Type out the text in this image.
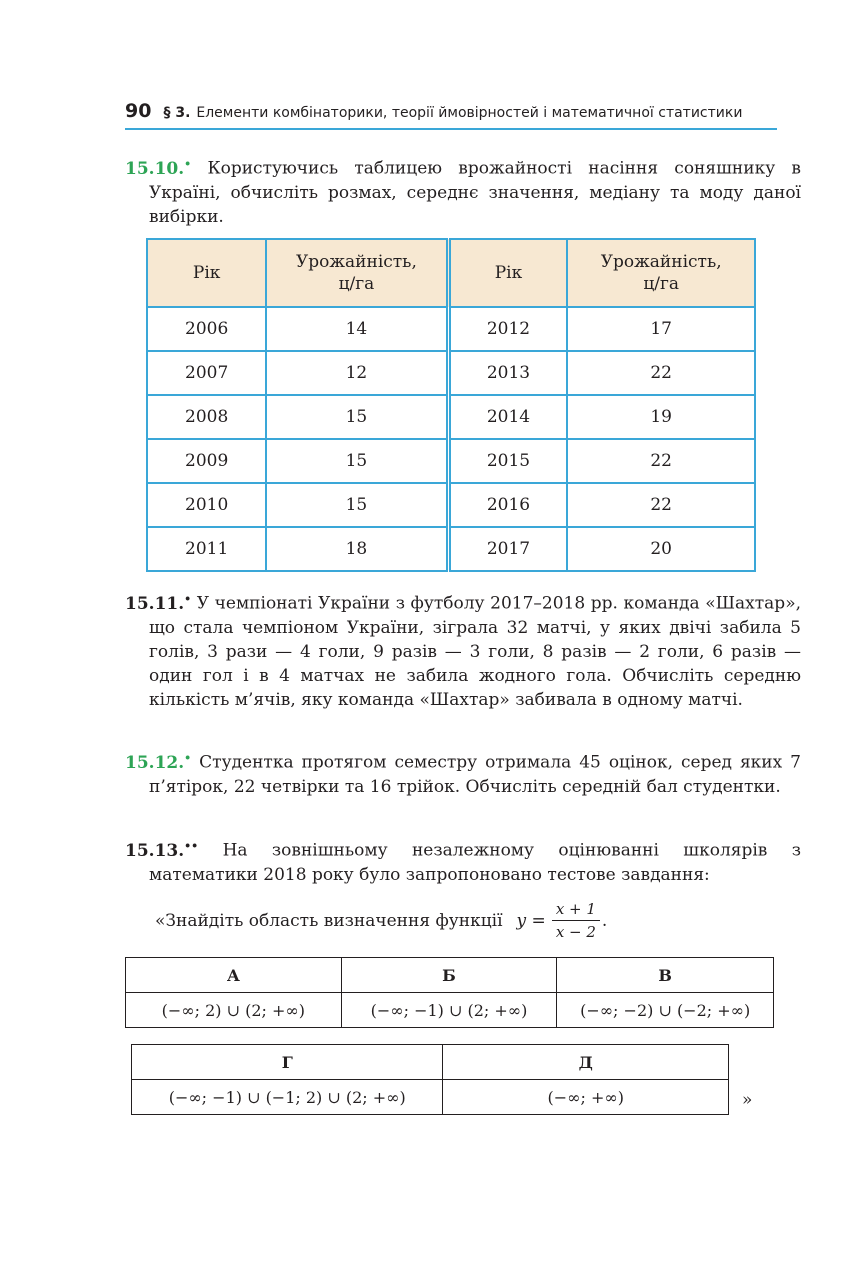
90 § 3. Елементи комбінаторики, теорії ймовірностей і математичної статистики
15.10.• Користуючись таблицею врожайності насіння соняшнику в Україні, обчисліть розмах, середнє значення, медіану та моду даної вибірки.
Рік	Урожайність, ц/га	Рік	Урожайність, ц/га
2006	14	2012	17
2007	12	2013	22
2008	15	2014	19
2009	15	2015	22
2010	15	2016	22
2011	18	2017	20
15.11.• У чемпіонаті України з футболу 2017–2018 рр. команда «Шахтар», що стала чемпіоном України, зіграла 32 матчі, у яких двічі забила 5 голів, 3 рази — 4 голи, 9 разів — 3 голи, 8 разів — 2 голи, 6 разів — один гол і в 4 матчах не забила жодного гола. Обчисліть середню кількість м’ячів, яку команда «Шахтар» забивала в одному матчі.
15.12.• Студентка протягом семестру отримала 45 оцінок, серед яких 7 п’ятірок, 22 четвірки та 16 трійок. Обчисліть середній бал студентки.
15.13.•• На зовнішньому незалежному оцінюванні школярів з математики 2018 року було запропоновано тестове завдання:
«Знайдіть область визначення функції $y = \frac{x + 1}{x - 2}$ .
А	Б	В
(−∞; 2) ∪ (2; +∞)	(−∞; −1) ∪ (2; +∞)	(−∞; −2) ∪ (−2; +∞)
Г	Д
(−∞; −1) ∪ (−1; 2) ∪ (2; +∞)	(−∞; +∞)	»
